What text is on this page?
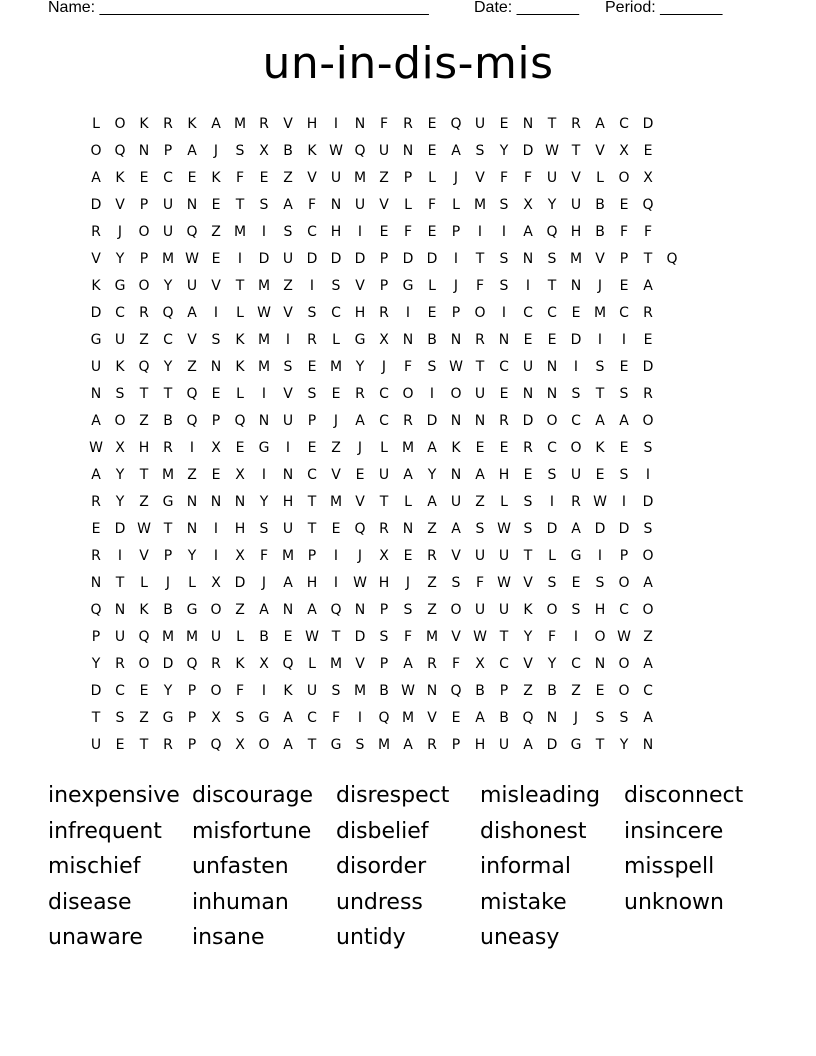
Name: _____________________________________	Date: _______ Period: _______
un-in-dis-mis
L	O K	R	K	A M R	V H	I	N	F	R	E	Q U	E	N	T	R	A	C D
O Q N	P	A	J	S	X	B	K W Q U N	E	A	S	Y	D W T	V	X	E
A	K	E	C	E	K	F	E	Z	V	U M Z	P	L	J	V	F	F	U	V	L	O X
D V	P	U N	E	T	S	A	F	N U	V	L	F	L	M S	X	Y	U	B	E	Q
R	J	O U Q Z M	I	S	C H	I	E	F	E	P	I	I	A Q H B	F	F
V	Y	P M W E	I	D U D D D	P	D D	I	T	S	N	S M V	P	T	Q
K G O	Y	U	V	T M Z	I	S	V	P	G	L	J	F	S	I	T	N	J	E	A
D C	R Q A	I	L W V	S	C H R	I	E	P	O	I	C	C	E M C	R
G U	Z	C	V	S	K M	I	R	L	G X N B N R N	E	E	D	I	I	E
U	K Q	Y	Z N	K M S	E M Y	J	F	S W T	C U N	I	S	E	D
N	S	T	T	Q	E	L	I	V	S	E	R	C O	I	O U	E	N N	S	T	S	R
A O Z	B Q	P	Q N U	P	J	A	C	R D N N R D O C	A	A O
W X H R	I	X	E	G	I	E	Z	J	L	M A	K	E	E	R	C O K	E	S
A	Y	T M Z	E	X	I	N C	V	E	U	A	Y	N A H	E	S	U	E	S	I
R	Y	Z G N N N	Y	H	T M V	T	L	A	U	Z	L	S	I	R W	I	D
E	D W T	N	I	H	S	U	T	E	Q R N Z	A	S W S	D A D D	S
R	I	V	P	Y	I	X	F M P	I	J	X	E	R	V	U U	T	L	G	I	P	O
N	T	L	J	L	X D	J	A H	I	W H	J	Z	S	F W V	S	E	S	O A
Q N	K	B G O Z	A N A Q N	P	S	Z O U U	K O	S	H C O
P	U Q M M U	L	B	E W T	D	S	F M V W T	Y	F	I	O W Z
Y	R O D Q R	K	X Q	L	M V	P	A	R	F	X	C	V	Y	C N O A
D C	E	Y	P	O	F	I	K	U	S M B W N Q B	P	Z	B	Z	E	O C
T	S	Z G	P	X	S	G A	C	F	I	Q M V	E	A	B Q N	J	S	S	A
U	E	T	R	P	Q X O A	T	G	S M A	R	P	H U	A D G	T	Y	N
inexpensive discourage	disrespect	misleading	disconnect
infrequent	misfortune	disbelief	dishonest	insincere
mischief	unfasten	disorder	informal	misspell
disease	inhuman	undress	mistake	unknown
unaware	insane	untidy	uneasy
